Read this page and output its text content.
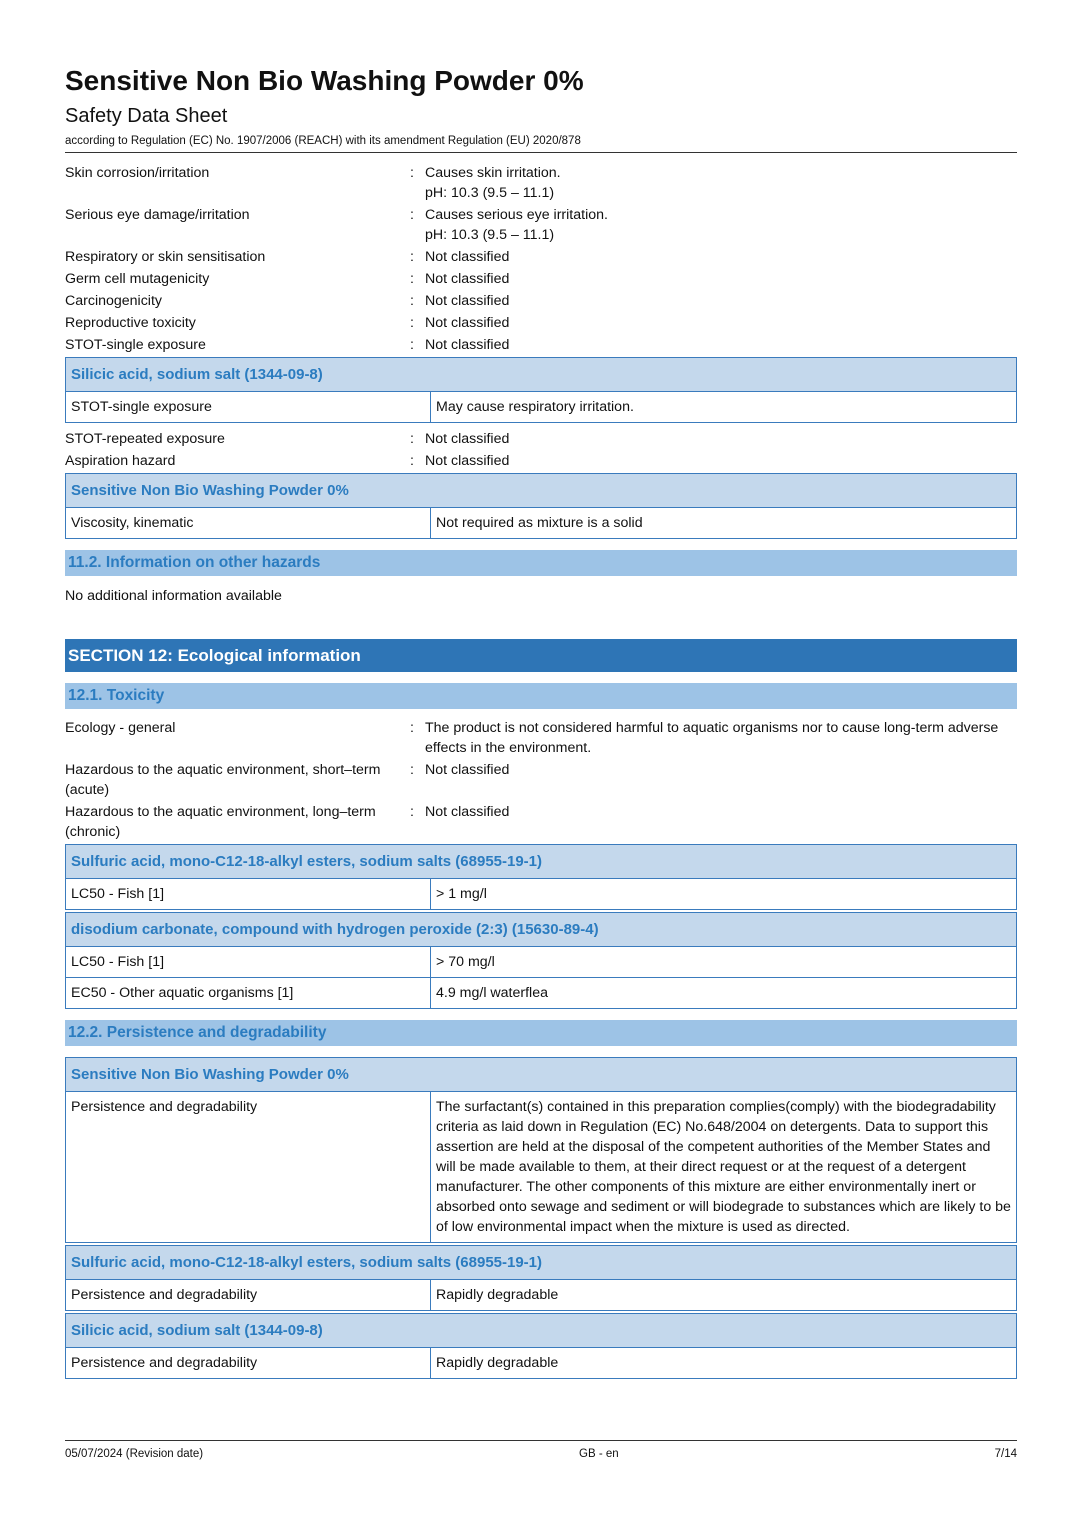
Sensitive Non Bio Washing Powder 0%
Safety Data Sheet
according to Regulation (EC) No. 1907/2006 (REACH) with its amendment Regulation (EU) 2020/878
Skin corrosion/irritation	: Causes skin irritation.
pH: 10.3 (9.5 – 11.1)
Serious eye damage/irritation	: Causes serious eye irritation.
pH: 10.3 (9.5 – 11.1)
Respiratory or skin sensitisation	: Not classified
Germ cell mutagenicity	: Not classified
Carcinogenicity	: Not classified
Reproductive toxicity	: Not classified
STOT-single exposure	: Not classified
Silicic acid, sodium salt (1344-09-8)
STOT-single exposure	May cause respiratory irritation.
STOT-repeated exposure	: Not classified
Aspiration hazard	: Not classified
Sensitive Non Bio Washing Powder 0%
Viscosity, kinematic	Not required as mixture is a solid
11.2. Information on other hazards
No additional information available
SECTION 12: Ecological information
12.1. Toxicity
Ecology - general	: The product is not considered harmful to aquatic organisms nor to cause long-term adverse
effects in the environment.
Hazardous to the aquatic environment, short–term (acute)
: Not classified
Hazardous to the aquatic environment, long–term (chronic)
: Not classified
Sulfuric acid, mono-C12-18-alkyl esters, sodium salts (68955-19-1)
LC50 - Fish [1]	> 1 mg/l
disodium carbonate, compound with hydrogen peroxide (2:3) (15630-89-4)
LC50 - Fish [1]	> 70 mg/l
EC50 - Other aquatic organisms [1]	4.9 mg/l waterflea
12.2. Persistence and degradability
Sensitive Non Bio Washing Powder 0%
Persistence and degradability	The surfactant(s) contained in this preparation complies(comply) with the biodegradability criteria as laid down in Regulation (EC) No.648/2004 on detergents. Data to support this assertion are held at the disposal of the competent authorities of the Member States and will be made available to them, at their direct request or at the request of a detergent manufacturer. The other components of this mixture are either environmentally inert or absorbed onto sewage and sediment or will biodegrade to substances which are likely to be of low environmental impact when the mixture is used as directed.
Sulfuric acid, mono-C12-18-alkyl esters, sodium salts (68955-19-1)
Persistence and degradability	Rapidly degradable
Silicic acid, sodium salt (1344-09-8)
Persistence and degradability	Rapidly degradable
05/07/2024 (Revision date)	GB - en	7/14
